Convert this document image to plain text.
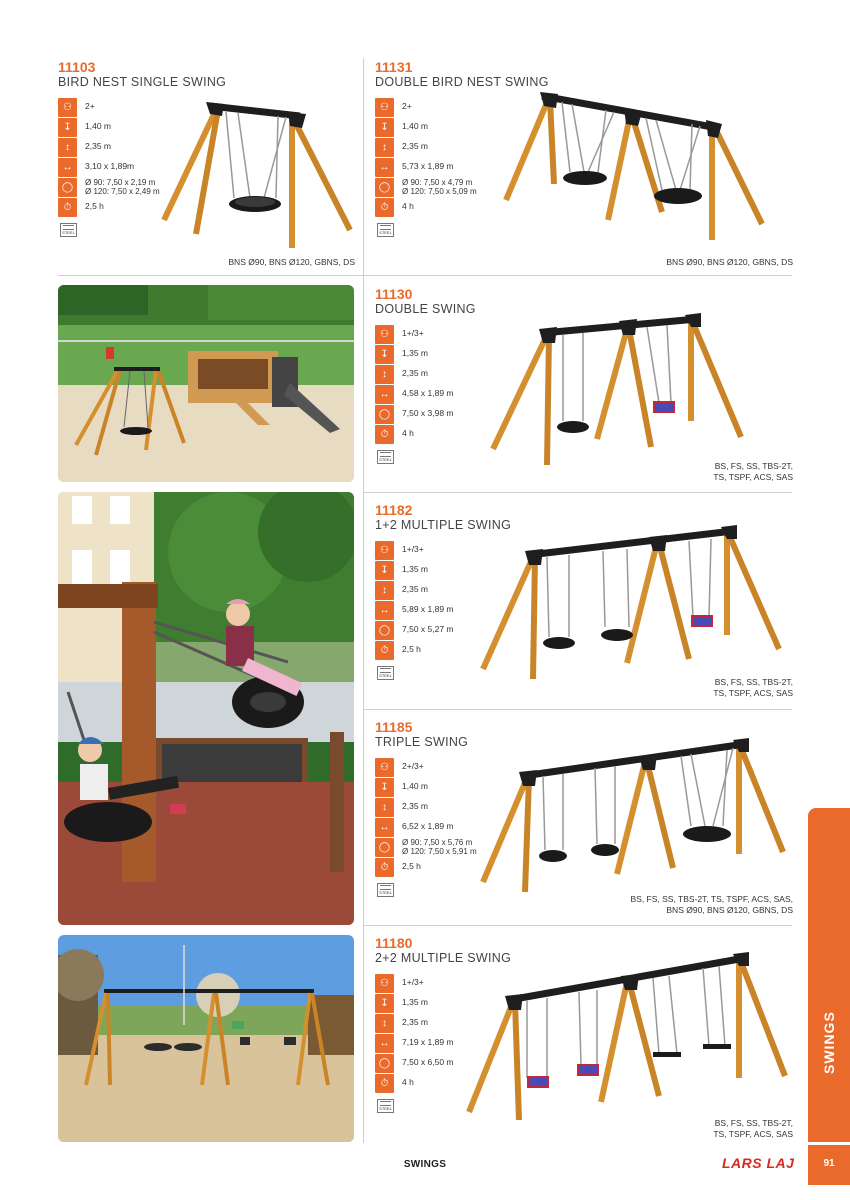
11103
BIRD NEST SINGLE SWING
⚇	2+
↧	1,40 m
↕	2,35 m
↔	3,10 x 1,89m
◯	Ø 90: 7,50 x 2,19 m
Ø 120: 7,50 x 2,49 m
⏱	2,5 h
STEEL
BNS Ø90, BNS Ø120, GBNS, DS
11131
DOUBLE BIRD NEST SWING
⚇	2+
↧	1,40 m
↕	2,35 m
↔	5,73 x 1,89 m
◯	Ø 90: 7,50 x 4,79 m
Ø 120: 7,50 x 5,09 m
⏱	4 h
STEEL
BNS Ø90, BNS Ø120, GBNS, DS
11130
DOUBLE SWING
⚇	1+/3+
↧	1,35 m
↕	2,35 m
↔	4,58 x 1,89 m
◯	7,50 x 3,98 m
⏱	4 h
STEEL
BS, FS, SS, TBS-2T,
TS, TSPF, ACS, SAS
11182
1+2 MULTIPLE SWING
⚇	1+/3+
↧	1,35 m
↕	2,35 m
↔	5,89 x 1,89 m
◯	7,50 x 5,27 m
⏱	2,5 h
STEEL
BS, FS, SS, TBS-2T,
TS, TSPF, ACS, SAS
11185
TRIPLE SWING
⚇	2+/3+
↧	1,40 m
↕	2,35 m
↔	6,52 x 1,89 m
◯	Ø 90: 7,50 x 5,76 m
Ø 120: 7,50 x 5,91 m
⏱	2,5 h
STEEL
BS, FS, SS, TBS-2T, TS, TSPF, ACS, SAS,
BNS Ø90, BNS Ø120, GBNS, DS
11180
2+2 MULTIPLE SWING
⚇	1+/3+
↧	1,35 m
↕	2,35 m
↔	7,19 x 1,89 m
◯	7,50 x 6,50 m
⏱	4 h
STEEL
BS, FS, SS, TBS-2T,
TS, TSPF, ACS, SAS
SWINGS
91
SWINGS	LARS LAJ
